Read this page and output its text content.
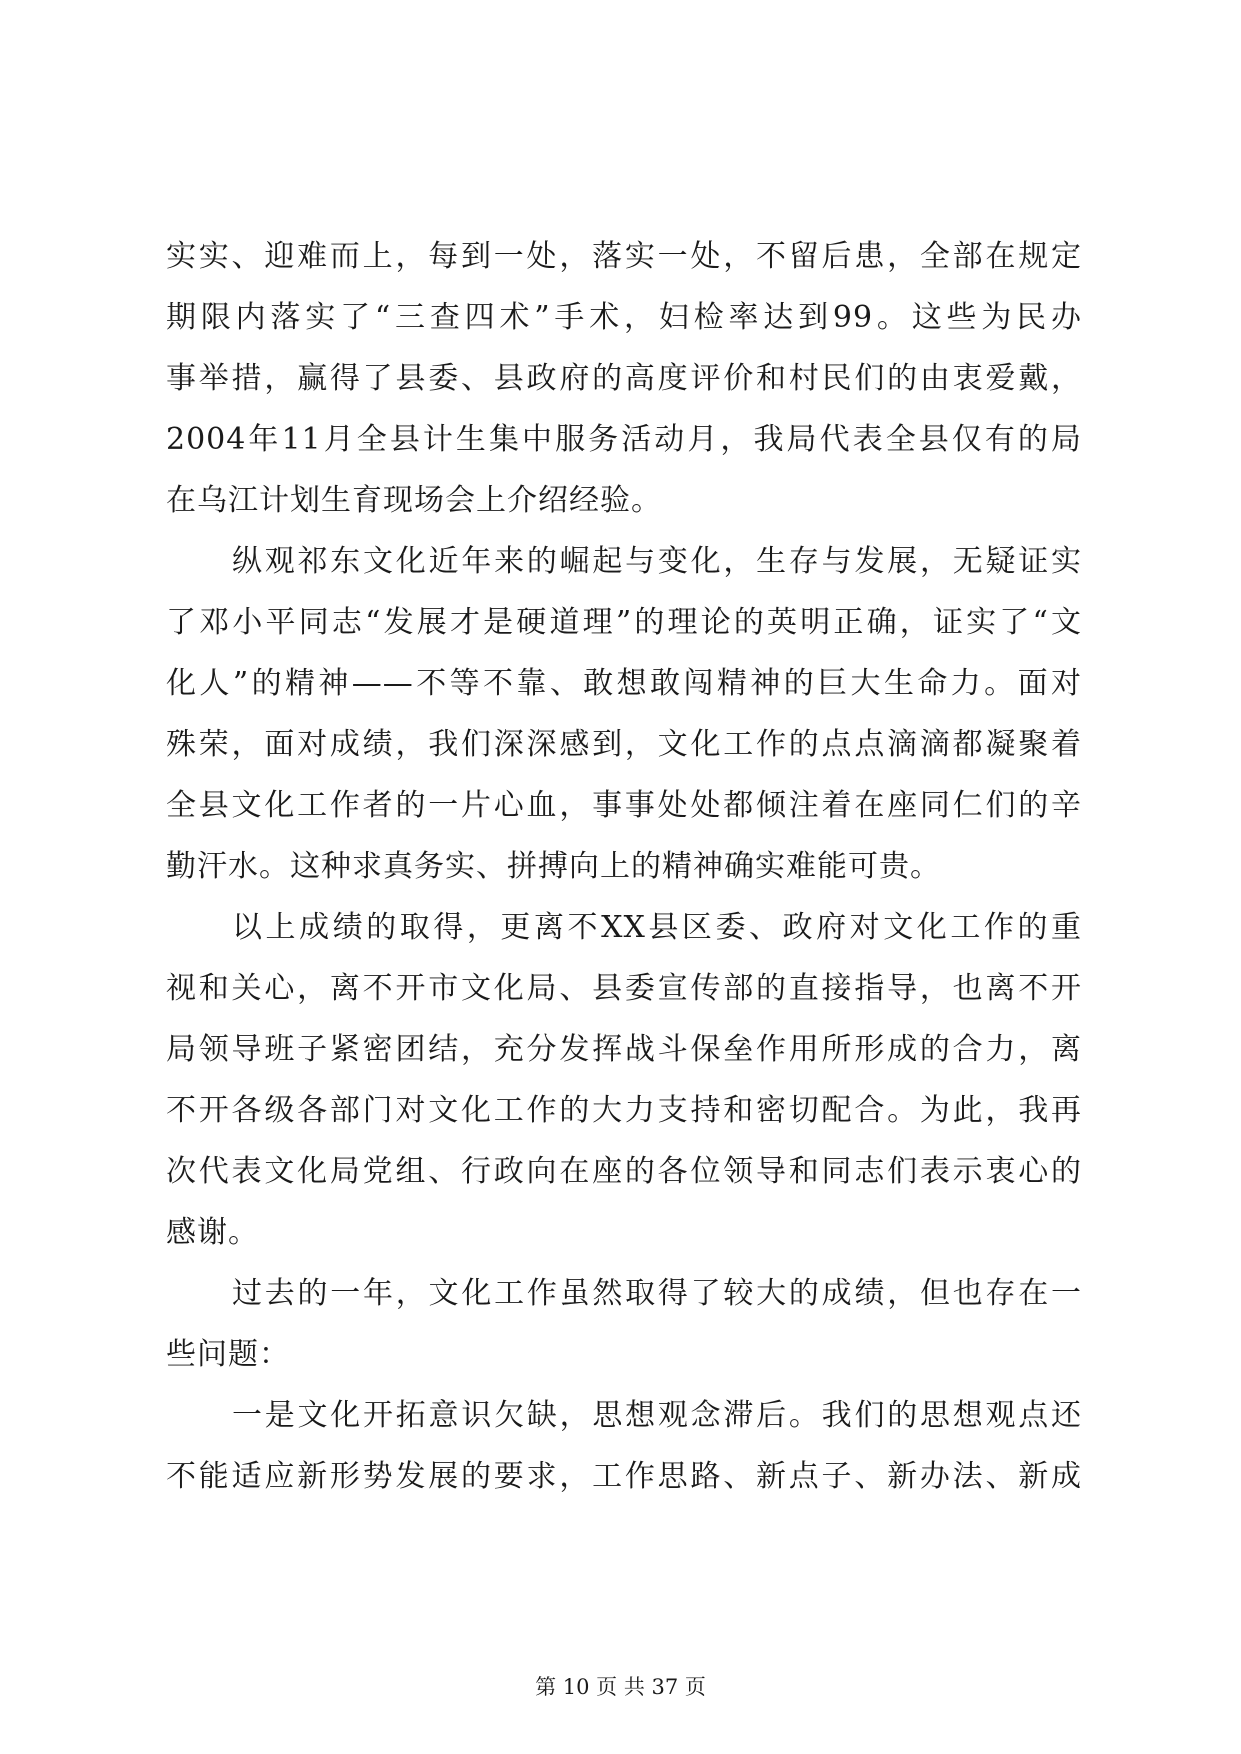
实实、迎难而上，每到一处，落实一处，不留后患，全部在规定
期限内落实了“三查四术”手术，妇检率达到99。这些为民办
事举措，赢得了县委、县政府的高度评价和村民们的由衷爱戴，
2004年11月全县计生集中服务活动月，我局代表全县仅有的局
在乌江计划生育现场会上介绍经验。
纵观祁东文化近年来的崛起与变化，生存与发展，无疑证实
了邓小平同志“发展才是硬道理”的理论的英明正确，证实了“文
化人”的精神——不等不靠、敢想敢闯精神的巨大生命力。面对
殊荣，面对成绩，我们深深感到，文化工作的点点滴滴都凝聚着
全县文化工作者的一片心血，事事处处都倾注着在座同仁们的辛
勤汗水。这种求真务实、拼搏向上的精神确实难能可贵。
以上成绩的取得，更离不XX县区委、政府对文化工作的重
视和关心，离不开市文化局、县委宣传部的直接指导，也离不开
局领导班子紧密团结，充分发挥战斗保垒作用所形成的合力，离
不开各级各部门对文化工作的大力支持和密切配合。为此，我再
次代表文化局党组、行政向在座的各位领导和同志们表示衷心的
感谢。
过去的一年，文化工作虽然取得了较大的成绩，但也存在一
些问题：
一是文化开拓意识欠缺，思想观念滞后。我们的思想观点还
不能适应新形势发展的要求，工作思路、新点子、新办法、新成
第 10 页 共 37 页
